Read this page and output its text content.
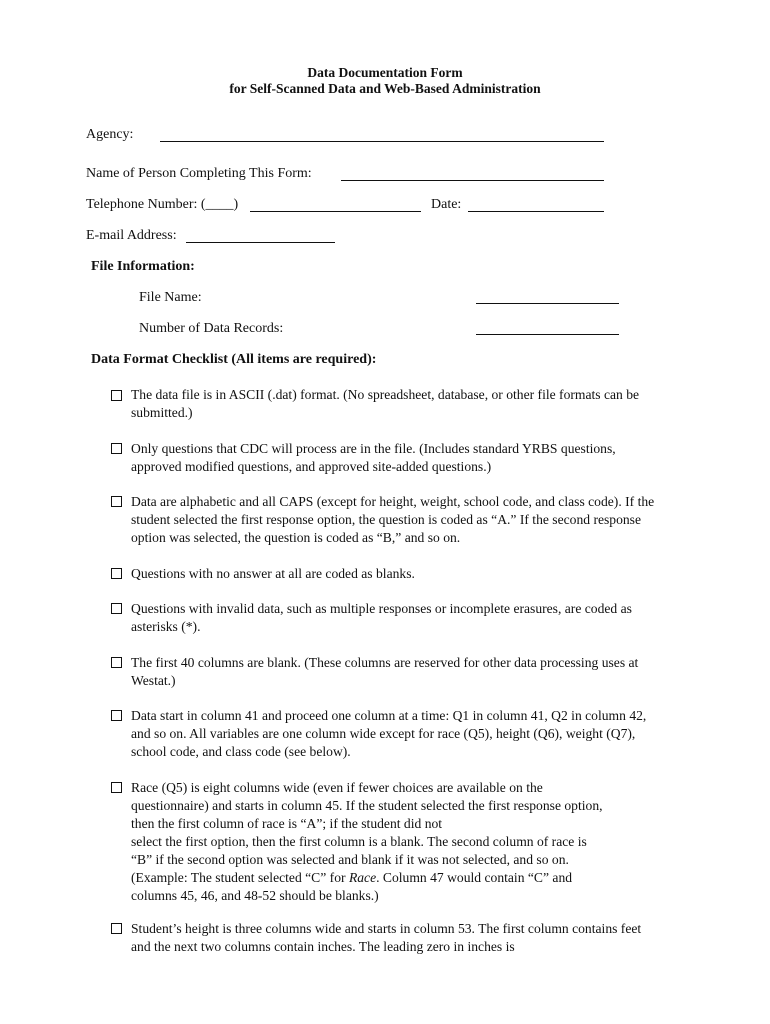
Data Documentation Form
for Self-Scanned Data and Web-Based Administration
Agency:
Name of Person Completing This Form:
Telephone Number: (____)	Date:
E-mail Address:
File Information:
File Name:
Number of Data Records:
Data Format Checklist (All items are required):
The data file is in ASCII (.dat) format. (No spreadsheet, database, or other file formats can be submitted.)
Only questions that CDC will process are in the file. (Includes standard YRBS questions, approved modified questions, and approved site-added questions.)
Data are alphabetic and all CAPS (except for height, weight, school code, and class code). If the student selected the first response option, the question is coded as “A.” If the second response option was selected, the question is coded as “B,” and so on.
Questions with no answer at all are coded as blanks.
Questions with invalid data, such as multiple responses or incomplete erasures, are coded as asterisks (*).
The first 40 columns are blank. (These columns are reserved for other data processing uses at Westat.)
Data start in column 41 and proceed one column at a time: Q1 in column 41, Q2 in column 42, and so on. All variables are one column wide except for race (Q5), height (Q6), weight (Q7), school code, and class code (see below).
Race (Q5) is eight columns wide (even if fewer choices are available on the
questionnaire) and starts in column 45. If the student selected the first response option,
then the first column of race is “A”; if the student did not
select the first option, then the first column is a blank. The second column of race is
“B” if the second option was selected and blank if it was not selected, and so on.
(Example: The student selected “C” for Race. Column 47 would contain “C” and
columns 45, 46, and 48-52 should be blanks.)
Student’s height is three columns wide and starts in column 53. The first column contains feet and the next two columns contain inches. The leading zero in inches is
